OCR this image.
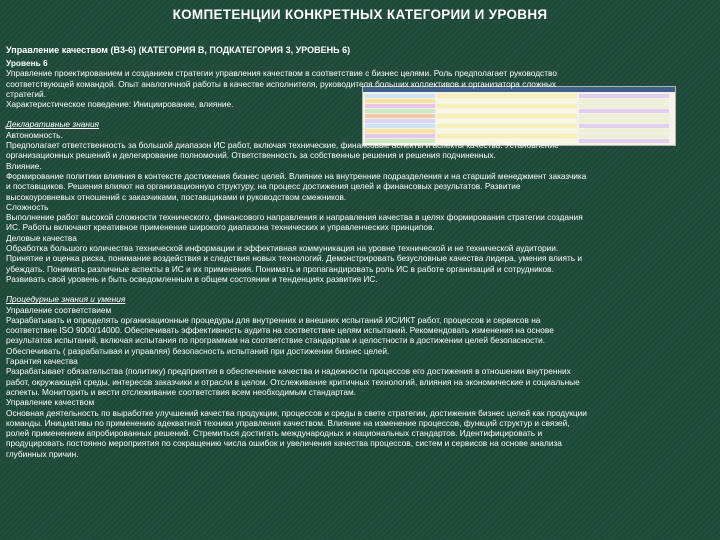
КОМПЕТЕНЦИИ КОНКРЕТНЫХ КАТЕГОРИИ И УРОВНЯ

Управление качеством (B3-6) (КАТЕГОРИЯ B, ПОДКАТЕГОРИЯ 3, УРОВЕНЬ 6)

Уровень 6

Управление проектированием и созданием стратегии управления качеством в соответствие с бизнес целями. Роль предполагает руководство

соответствующей командой. Опыт аналогичной работы в качестве исполнителя, руководителя больших коллективов и организатора сложных

стратегий.

Характеристическое поведение: Инициирование, влияние.

Декларативные знания

Автономность.

Предполагает ответственность за большой диапазон ИС работ, включая технические, финансовые аспекты и аспекты качества. Установление

организационных решений и делегирование полномочий. Ответственность за собственные решения и решения подчиненных.

Влияние.

Формирование политики влияния в контексте достижения бизнес целей. Влияние на внутренние подразделения и на старший менеджмент заказчика

и поставщиков. Решения влияют на организационную структуру, на процесс достижения целей и финансовых результатов. Развитие

высокоуровневых отношений с заказчиками, поставщиками и руководством смежников.

Сложность

Выполнение работ высокой сложности технического, финансового направления и направления качества в целях формирования стратегии создания

ИС. Работы включают креативное применение широкого диапазона технических и управленческих принципов.

Деловые качества

Обработка большого количества технической информации и эффективная коммуникация на уровне технической и не технической аудитории.

Принятие и оценка риска, понимание воздействия и следствия новых технологий. Демонстрировать безусловные качества лидера, умения влиять и

убеждать. Понимать различные аспекты в ИС и их применения. Понимать и пропагандировать роль ИС в работе организаций и сотрудников.

Развивать свой уровень и быть осведомленным в общем состоянии и тенденциях развития ИС.

Процедурные знания и умения

Управление соответствием

Разрабатывать и определять организационные процедуры для внутренних и внешних испытаний ИС/ИКТ работ, процессов и сервисов на

соответствие ISO 9000/14000. Обеспечивать эффективность аудита на соответствие целям испытаний. Рекомендовать изменения на основе

результатов испытаний, включая испытания по программам на соответствие стандартам и целостности в достижении целей безопасности.

Обеспечивать ( разрабатывая и управляя) безопасность испытаний при достижении бизнес целей.

Гарантия качества

Разрабатывает обязательства (политику) предприятия в обеспечение качества и надежности процессов его достижения в отношении внутренних

работ, окружающей среды, интересов заказчики и отрасли в целом. Отслеживание критичных технологий, влияния на экономические и социальные

аспекты. Мониторить и вести отслеживание соответствия всем необходимым стандартам.

Управление качеством

Основная деятельность по выработке улучшений качества продукции, процессов и среды в свете стратегии, достижения бизнес целей как продукции

команды. Инициативы по применению адекватной техники управления качеством. Влияние на изменение процессов, функций структур и связей,

ролей применением апробированных решений. Стремиться достигать международных и национальных стандартов. Идентифицировать и

продуцировать постоянно мероприятия по сокращению числа ошибок и увеличения качества процессов, систем и сервисов на основе анализа

глубинных причин.
